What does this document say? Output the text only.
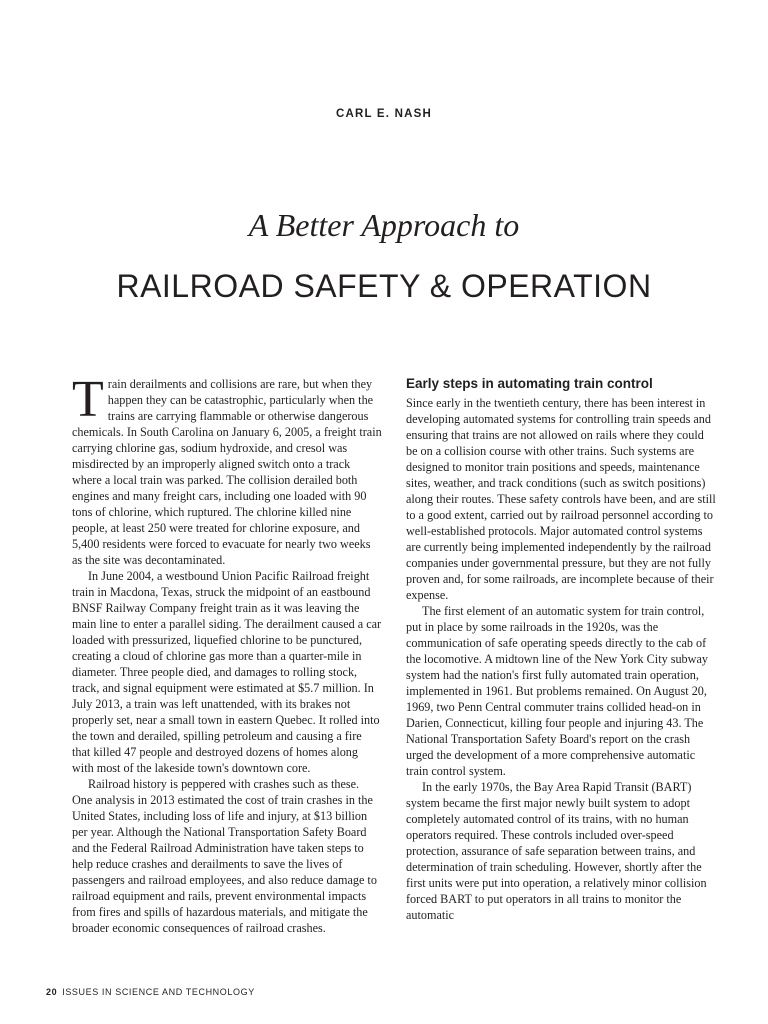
CARL E. NASH
A Better Approach to
RAILROAD SAFETY & OPERATION

Train derailments and collisions are rare, but when they happen they can be catastrophic, particularly when the trains are carrying flammable or otherwise dangerous chemicals. In South Carolina on January 6, 2005, a freight train carrying chlorine gas, sodium hydroxide, and cresol was misdirected by an improperly aligned switch onto a track where a local train was parked. The collision derailed both engines and many freight cars, including one loaded with 90 tons of chlorine, which ruptured. The chlorine killed nine people, at least 250 were treated for chlorine exposure, and 5,400 residents were forced to evacuate for nearly two weeks as the site was decontaminated.

In June 2004, a westbound Union Pacific Railroad freight train in Macdona, Texas, struck the midpoint of an eastbound BNSF Railway Company freight train as it was leaving the main line to enter a parallel siding. The derailment caused a car loaded with pressurized, liquefied chlorine to be punctured, creating a cloud of chlorine gas more than a quarter-mile in diameter. Three people died, and damages to rolling stock, track, and signal equipment were estimated at $5.7 million. In July 2013, a train was left unattended, with its brakes not properly set, near a small town in eastern Quebec. It rolled into the town and derailed, spilling petroleum and causing a fire that killed 47 people and destroyed dozens of homes along with most of the lakeside town's downtown core.

Railroad history is peppered with crashes such as these. One analysis in 2013 estimated the cost of train crashes in the United States, including loss of life and injury, at $13 billion per year. Although the National Transportation Safety Board and the Federal Railroad Administration have taken steps to help reduce crashes and derailments to save the lives of passengers and railroad employees, and also reduce damage to railroad equipment and rails, prevent environmental impacts from fires and spills of hazardous materials, and mitigate the broader economic consequences of railroad crashes.

Early steps in automating train control

Since early in the twentieth century, there has been interest in developing automated systems for controlling train speeds and ensuring that trains are not allowed on rails where they could be on a collision course with other trains. Such systems are designed to monitor train positions and speeds, maintenance sites, weather, and track conditions (such as switch positions) along their routes. These safety controls have been, and are still to a good extent, carried out by railroad personnel according to well-established protocols. Major automated control systems are currently being implemented independently by the railroad companies under governmental pressure, but they are not fully proven and, for some railroads, are incomplete because of their expense.

The first element of an automatic system for train control, put in place by some railroads in the 1920s, was the communication of safe operating speeds directly to the cab of the locomotive. A midtown line of the New York City subway system had the nation's first fully automated train operation, implemented in 1961. But problems remained. On August 20, 1969, two Penn Central commuter trains collided head-on in Darien, Connecticut, killing four people and injuring 43. The National Transportation Safety Board's report on the crash urged the development of a more comprehensive automatic train control system.

In the early 1970s, the Bay Area Rapid Transit (BART) system became the first major newly built system to adopt completely automated control of its trains, with no human operators required. These controls included over-speed protection, assurance of safe separation between trains, and determination of train scheduling. However, shortly after the first units were put into operation, a relatively minor collision forced BART to put operators in all trains to monitor the automatic

20 ISSUES IN SCIENCE AND TECHNOLOGY
